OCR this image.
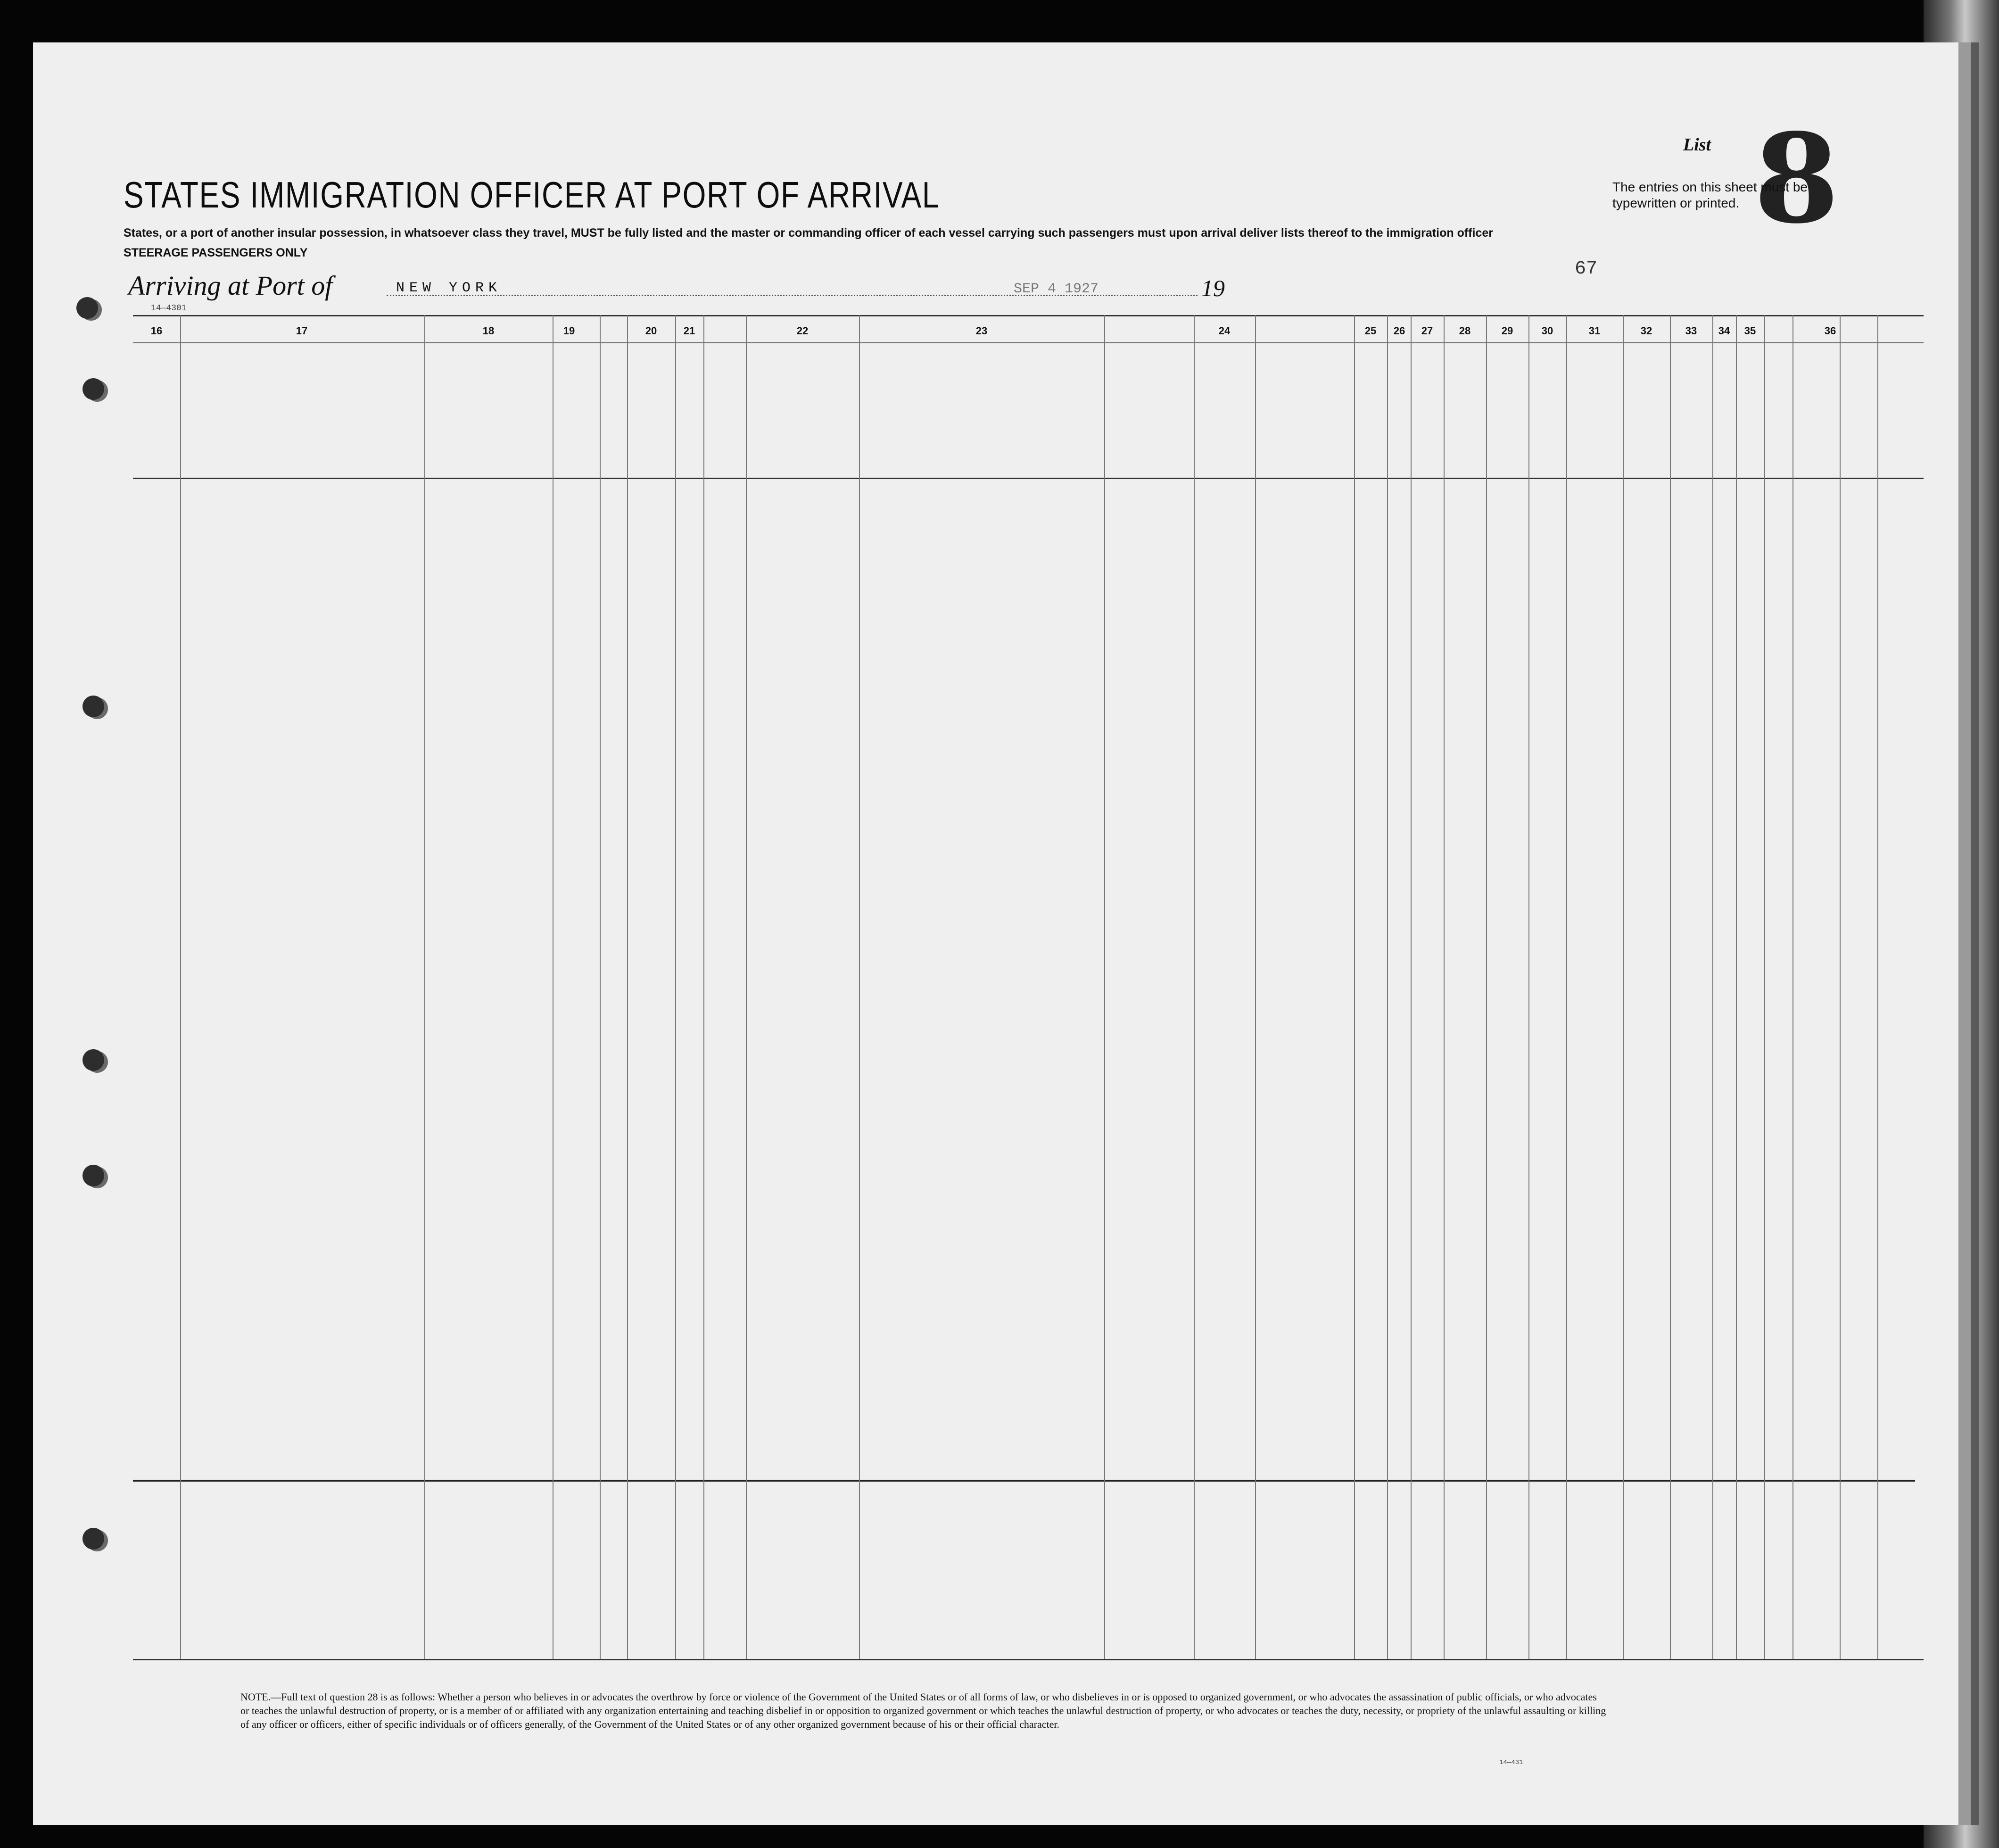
List 8
The entries on this sheet must be typewritten or printed.
STATES IMMIGRATION OFFICER AT PORT OF ARRIVAL
States, or a port of another insular possession, in whatsoever class they travel, MUST be fully listed and the master or commanding officer of each vessel carrying such passengers must upon arrival deliver lists thereof to the immigration officer
STEERAGE PASSENGERS ONLY
Arriving at Port of	NEW YORK	SEP 4 1927	19
67
14—4301
16	17	18	19	20	21	22	23	24	25	26	27	28	29	30	31	32	33	34	35	36
NOTE.—Full text of question 28 is as follows: Whether a person who believes in or advocates the overthrow by force or violence of the Government of the United States or of all forms of law, or who disbelieves in or is opposed to organized government, or who advocates the assassination of public officials, or who advocates or teaches the unlawful destruction of property, or is a member of or affiliated with any organization entertaining and teaching disbelief in or opposition to organized government or which teaches the unlawful destruction of property, or who advocates or teaches the duty, necessity, or propriety of the unlawful assaulting or killing of any officer or officers, either of specific individuals or of officers generally, of the Government of the United States or of any other organized government because of his or their official character.
14—431
